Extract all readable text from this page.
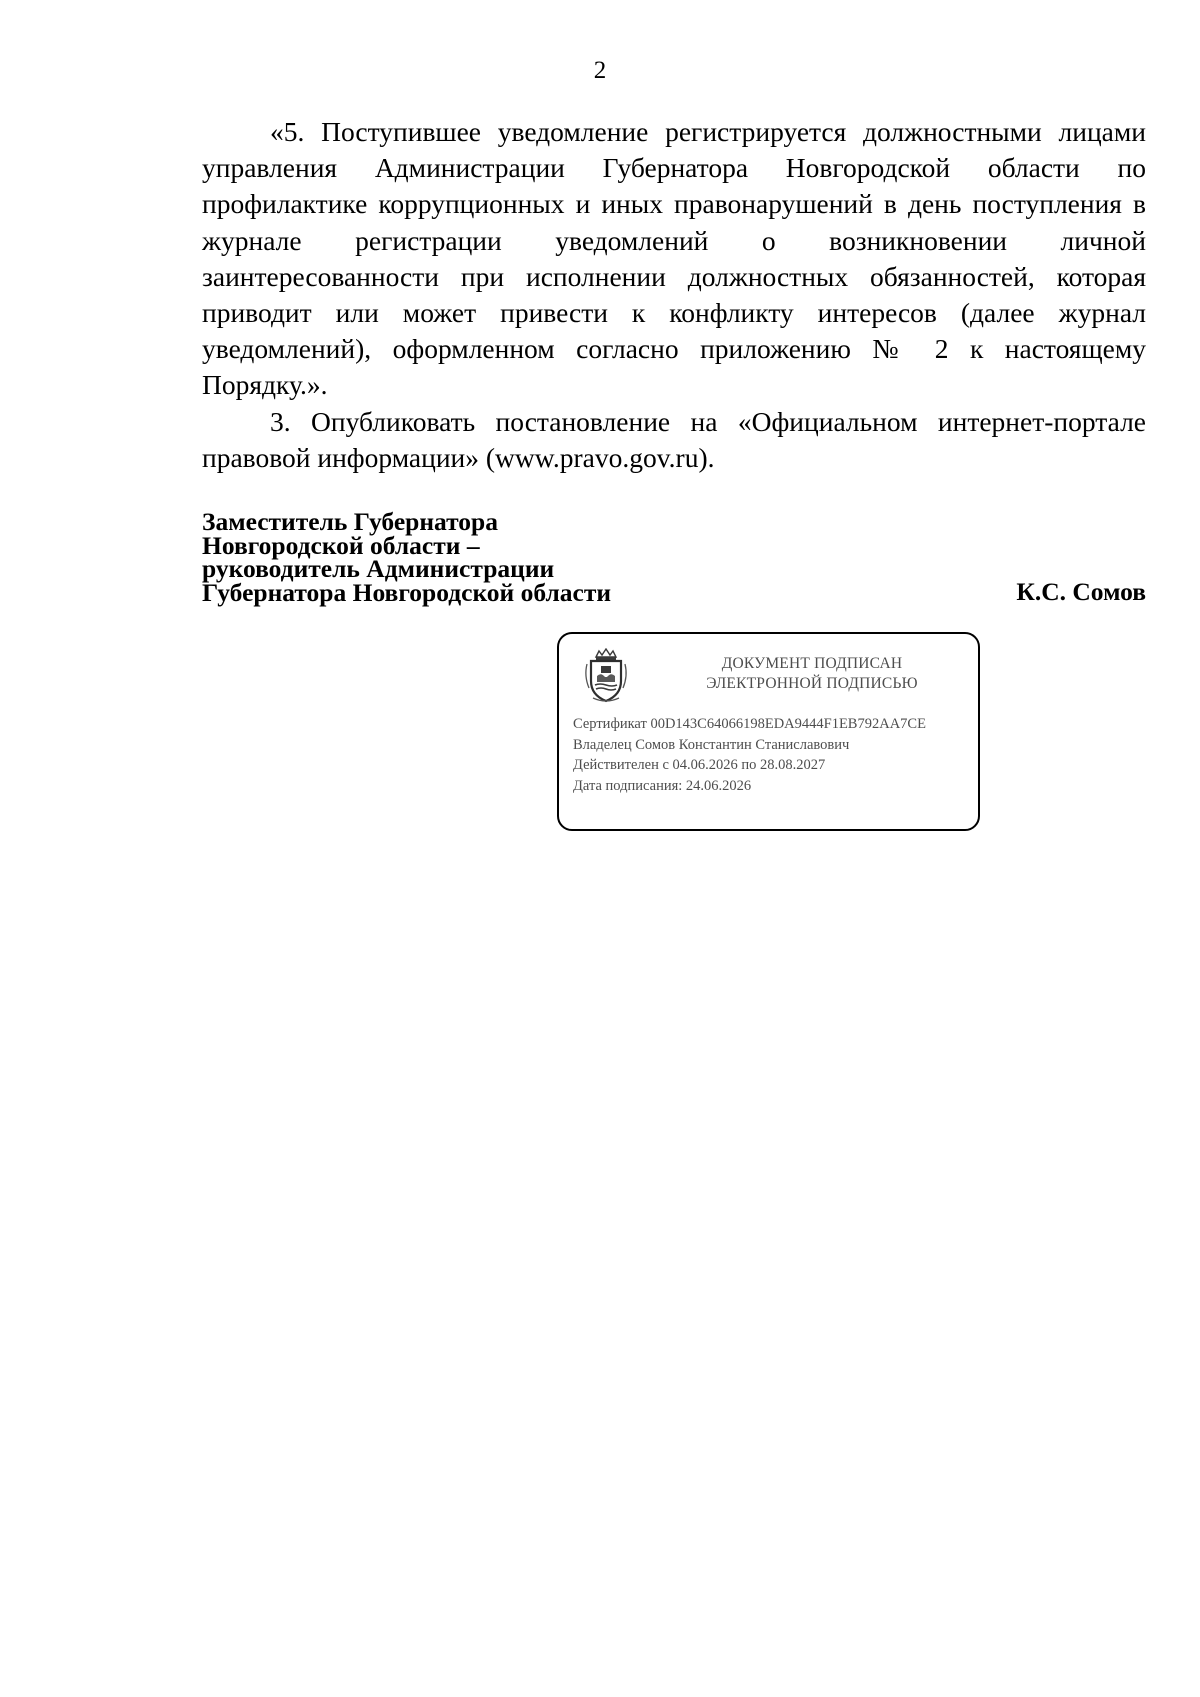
2

«5. Поступившее уведомление регистрируется должностными лицами управления Администрации Губернатора Новгородской области по профилактике коррупционных и иных правонарушений в день поступления в журнале регистрации уведомлений о возникновении личной заинтересованности при исполнении должностных обязанностей, которая приводит или может привести к конфликту интересов (далее журнал уведомлений), оформленном согласно приложению № 2 к настоящему Порядку.».

3. Опубликовать постановление на «Официальном интернет-портале правовой информации» (www.pravo.gov.ru).

Заместитель Губернатора
Новгородской области –
руководитель Администрации
Губернатора Новгородской области	К.С. Сомов
ДОКУМЕНТ ПОДПИСАН
ЭЛЕКТРОННОЙ ПОДПИСЬЮ
Сертификат 00D143C64066198EDA9444F1EB792AA7CE
Владелец Сомов Константин Станиславович
Действителен с 04.06.2026 по 28.08.2027
Дата подписания: 24.06.2026
